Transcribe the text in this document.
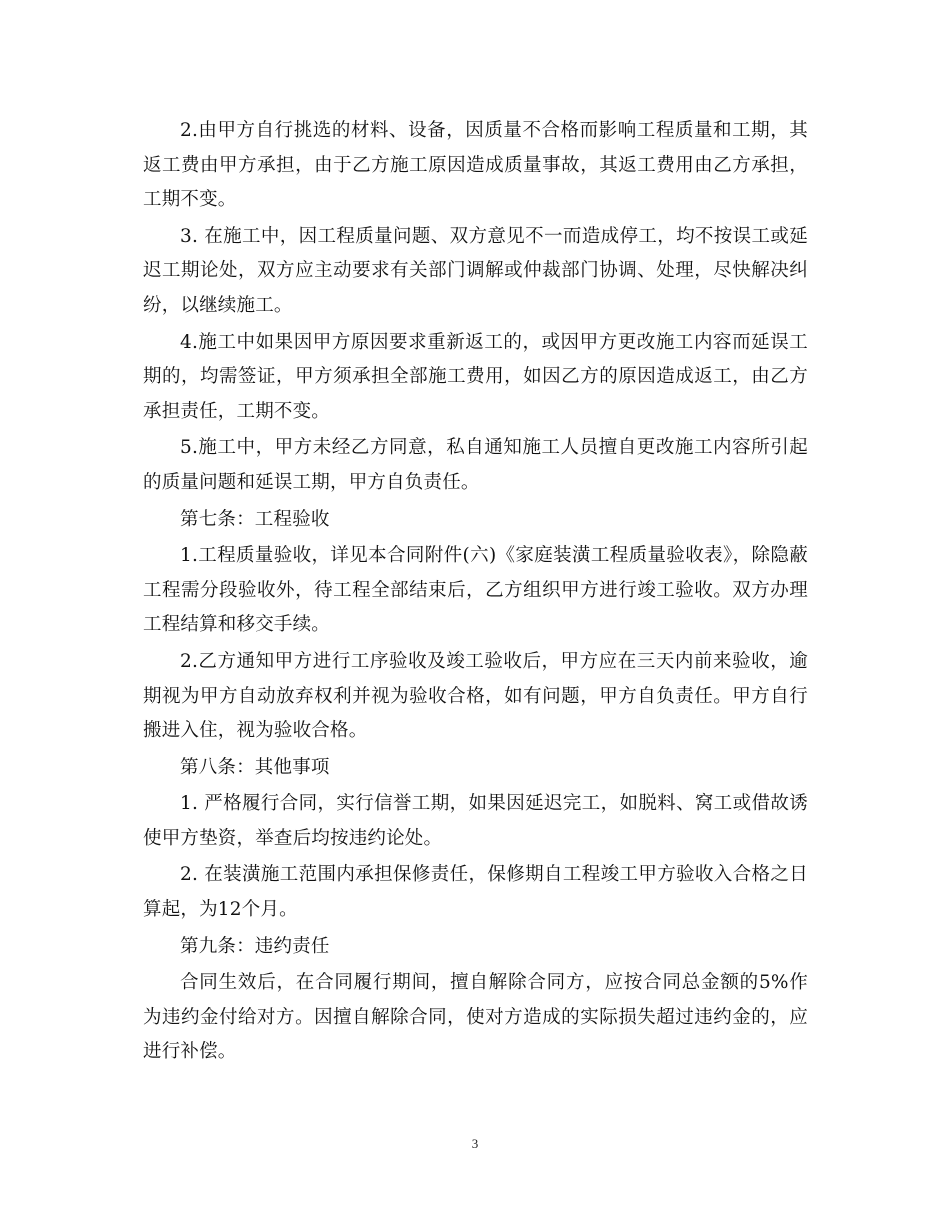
2.由甲方自行挑选的材料、设备，因质量不合格而影响工程质量和工期，其返工费由甲方承担，由于乙方施工原因造成质量事故，其返工费用由乙方承担，工期不变。

3. 在施工中，因工程质量问题、双方意见不一而造成停工，均不按误工或延迟工期论处，双方应主动要求有关部门调解或仲裁部门协调、处理，尽快解决纠纷，以继续施工。

4.施工中如果因甲方原因要求重新返工的，或因甲方更改施工内容而延误工期的，均需签证，甲方须承担全部施工费用，如因乙方的原因造成返工，由乙方承担责任，工期不变。

5.施工中，甲方未经乙方同意，私自通知施工人员擅自更改施工内容所引起的质量问题和延误工期，甲方自负责任。

第七条：工程验收

1.工程质量验收，详见本合同附件(六)《家庭装潢工程质量验收表》，除隐蔽工程需分段验收外，待工程全部结束后，乙方组织甲方进行竣工验收。双方办理工程结算和移交手续。

2.乙方通知甲方进行工序验收及竣工验收后，甲方应在三天内前来验收，逾期视为甲方自动放弃权利并视为验收合格，如有问题，甲方自负责任。甲方自行搬进入住，视为验收合格。

第八条：其他事项

1. 严格履行合同，实行信誉工期，如果因延迟完工，如脱料、窝工或借故诱使甲方垫资，举查后均按违约论处。

2. 在装潢施工范围内承担保修责任，保修期自工程竣工甲方验收入合格之日算起，为12个月。

第九条：违约责任

合同生效后，在合同履行期间，擅自解除合同方，应按合同总金额的5%作为违约金付给对方。因擅自解除合同，使对方造成的实际损失超过违约金的，应进行补偿。

3
